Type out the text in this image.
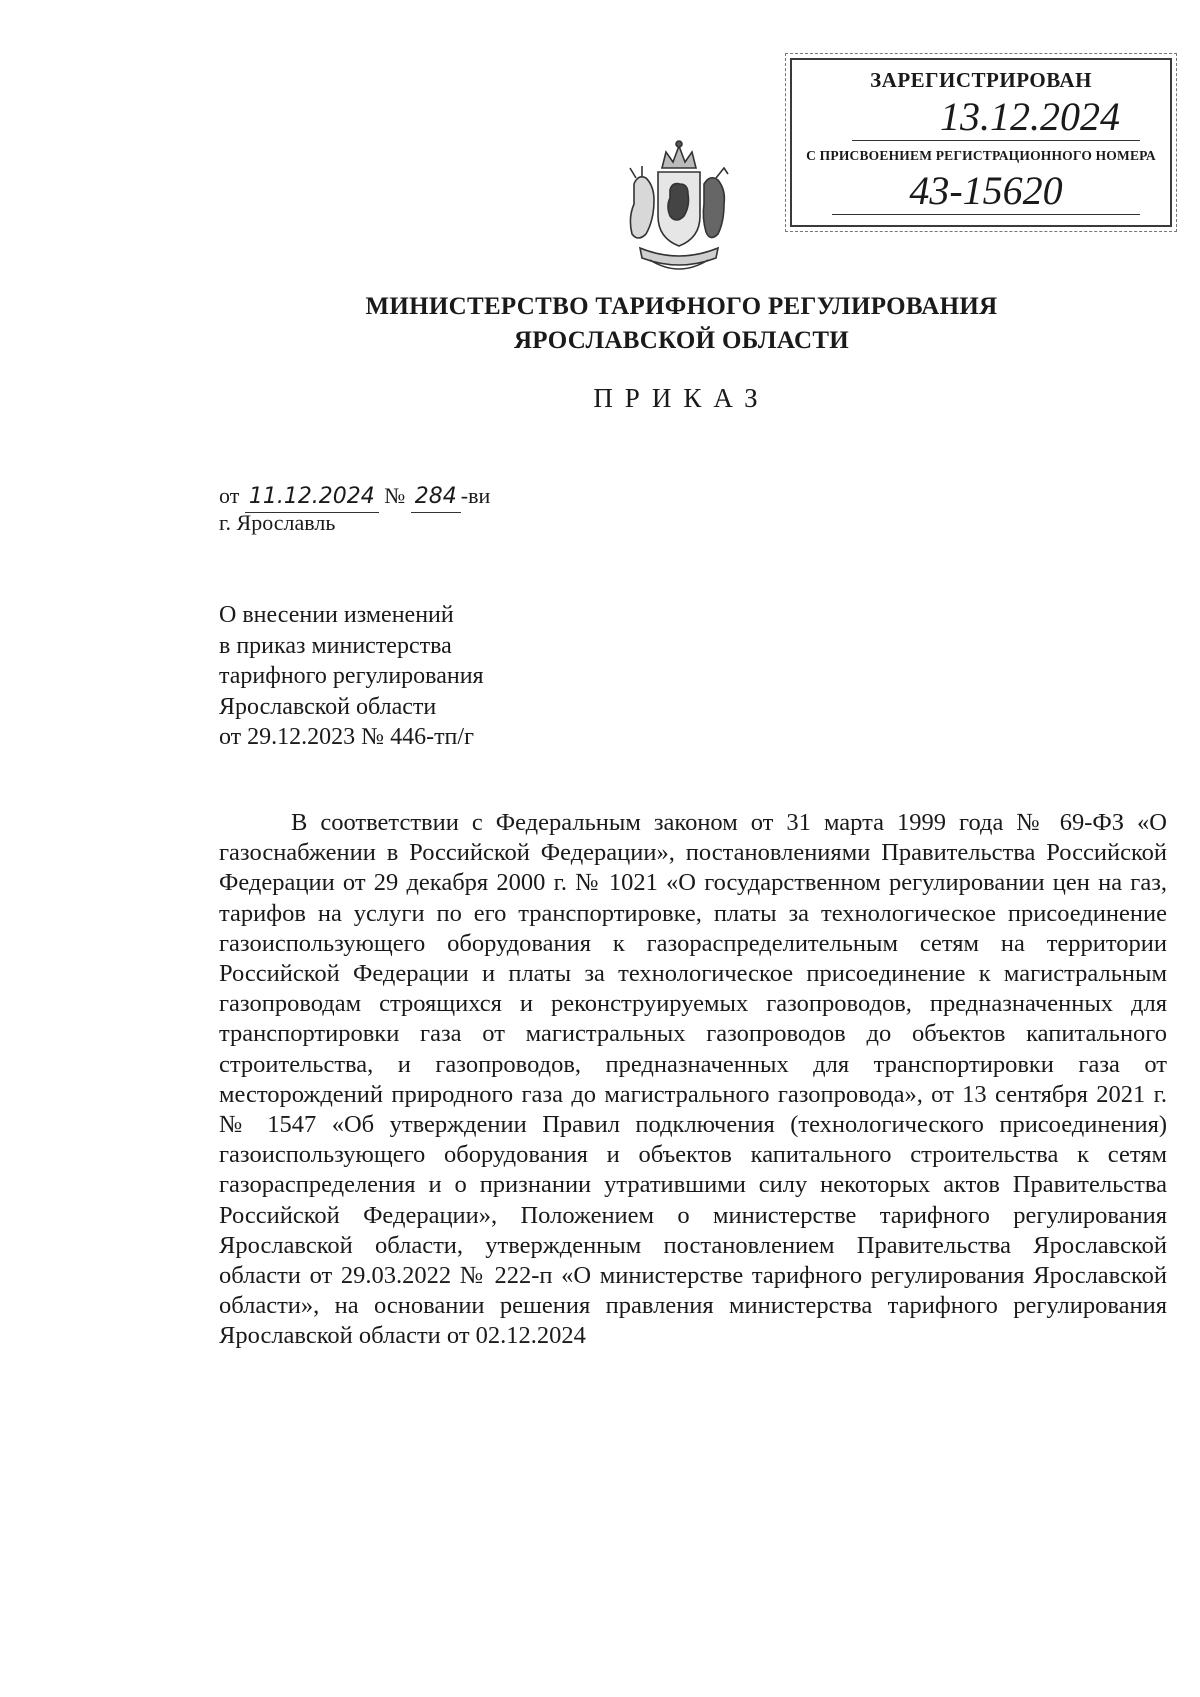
ЗАРЕГИСТРИРОВАН
13.12.2024
С ПРИСВОЕНИЕМ РЕГИСТРАЦИОННОГО НОМЕРА
43-15620
МИНИСТЕРСТВО ТАРИФНОГО РЕГУЛИРОВАНИЯ
ЯРОСЛАВСКОЙ ОБЛАСТИ
ПРИКАЗ
от 11.12.2024 № 284 -ви
г. Ярославль
О внесении изменений
в приказ министерства
тарифного регулирования
Ярославской области
от 29.12.2023 № 446-тп/г

В соответствии с Федеральным законом от 31 марта 1999 года № 69-ФЗ «О газоснабжении в Российской Федерации», постановлениями Правительства Российской Федерации от 29 декабря 2000 г. № 1021 «О государственном регулировании цен на газ, тарифов на услуги по его транспортировке, платы за технологическое присоединение газоиспользующего оборудования к газораспределительным сетям на территории Российской Федерации и платы за технологическое присоединение к магистральным газопроводам строящихся и реконструируемых газопроводов, предназначенных для транспортировки газа от магистральных газопроводов до объектов капитального строительства, и газопроводов, предназначенных для транспортировки газа от месторождений природного газа до магистрального газопровода», от 13 сентября 2021 г. № 1547 «Об утверждении Правил подключения (технологического присоединения) газоиспользующего оборудования и объектов капитального строительства к сетям газораспределения и о признании утратившими силу некоторых актов Правительства Российской Федерации», Положением о министерстве тарифного регулирования Ярославской области, утвержденным постановлением Правительства Ярославской области от 29.03.2022 № 222-п «О министерстве тарифного регулирования Ярославской области», на основании решения правления министерства тарифного регулирования Ярославской области от 02.12.2024
